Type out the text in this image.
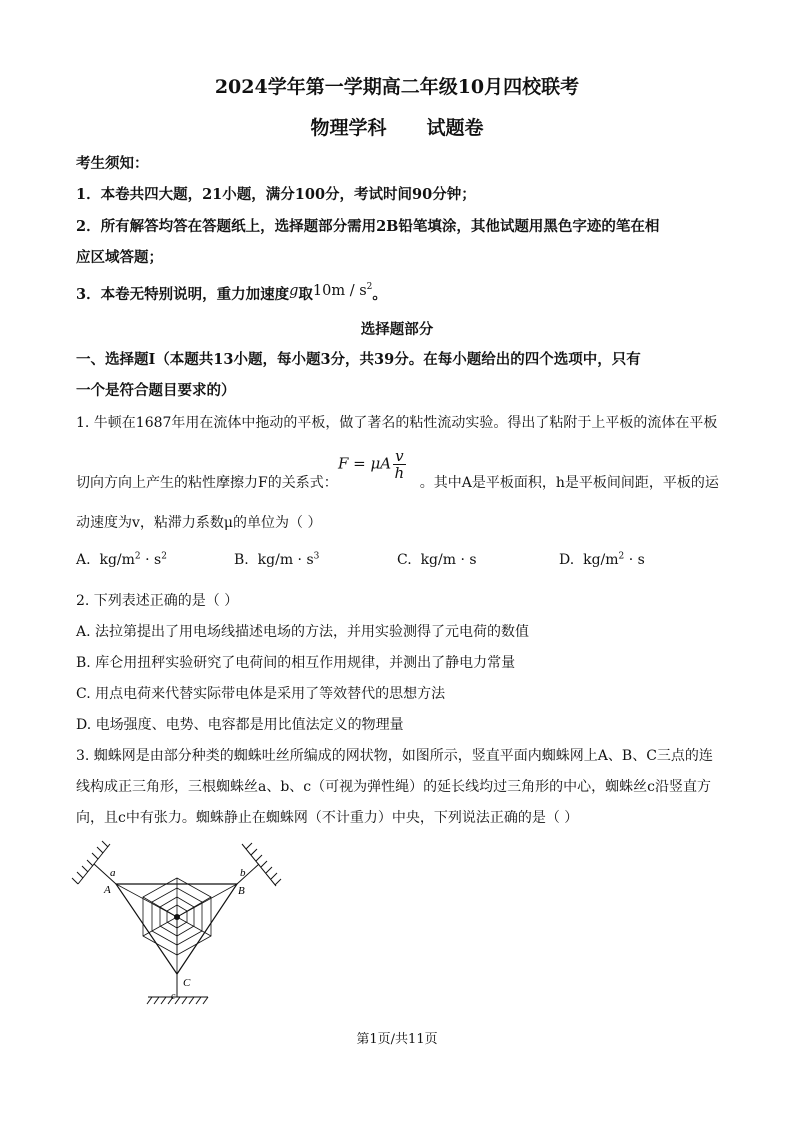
2024学年第一学期高二年级10月四校联考
物理学科 试题卷
考生须知：
1．本卷共四大题，21小题，满分100分，考试时间90分钟；
2．所有解答均答在答题纸上，选择题部分需用2B铅笔填涂，其他试题用黑色字迹的笔在相
应区域答题；
3．本卷无特别说明，重力加速度g取$10m / s^2$。
选择题部分
一、选择题Ⅰ（本题共13小题，每小题3分，共39分。在每小题给出的四个选项中，只有
一个是符合题目要求的）
1. 牛顿在1687年用在流体中拖动的平板，做了著名的粘性流动实验。得出了粘附于上平板的流体在平板
F = μA $\frac{v}{h}$
切向方向上产生的粘性摩擦力F的关系式：	。其中A是平板面积，h是平板间间距，平板的运
动速度为v，粘滞力系数μ的单位为（ ）
A. $kg/m^2 \cdot s^2$	B. $kg/m \cdot s^3$	C. kg/m · s	D. $kg/m^2 \cdot s$
2. 下列表述正确的是（ ）
A. 法拉第提出了用电场线描述电场的方法，并用实验测得了元电荷的数值
B. 库仑用扭秤实验研究了电荷间的相互作用规律，并测出了静电力常量
C. 用点电荷来代替实际带电体是采用了等效替代的思想方法
D. 电场强度、电势、电容都是用比值法定义的物理量
3. 蜘蛛网是由部分种类的蜘蛛吐丝所编成的网状物，如图所示，竖直平面内蜘蛛网上A、B、C三点的连
线构成正三角形，三根蜘蛛丝a、b、c（可视为弹性绳）的延长线均过三角形的中心，蜘蛛丝c沿竖直方
向，且c中有张力。蜘蛛静止在蜘蛛网（不计重力）中央，下列说法正确的是（ ）
a
A
b
B
C
c
第1页/共11页
